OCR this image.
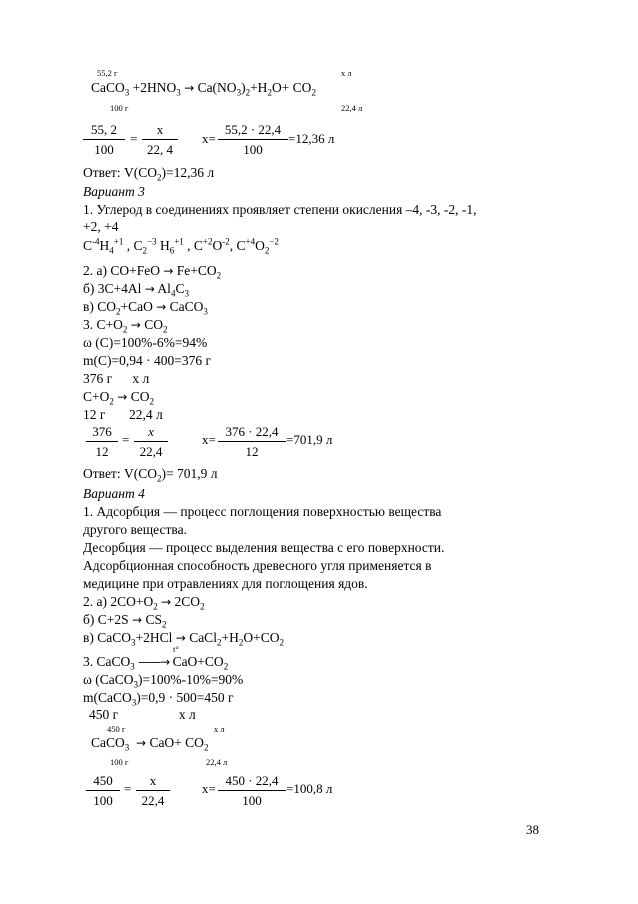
55,2 г	х л
CaCO$_3$ $+2HNO_3 \to Ca(NO_3)_2+H_2O+ CO_2$
100 г	22,4 л
$\frac{55, 2}{100} = \frac{x}{22, 4} x= \frac{55,2 \cdot 22,4}{100} =12,36$ л
Ответ: $V(CO_2)=12,36$ л
Вариант 3
1. Углерод в соединениях проявляет степени окисления –4, -3, -2, -1,
+2, +4
$C^{-4}H_4^{+1}$ , $C_2^{-3}$ $H_6^{+1}$ , $C^{+2}O^{-2}$, $C^{+4}O_2^{-2}$
2. а) $CO+FeO \to Fe+CO_2$
б) $3C+4Al \to Al_4C_3$
в) $CO_2+CaO$ → CaCO$_3$
3. $C+O_2 \to CO_2$
ω (C)=100%-6%=94%
m(C)=0,94 · 400=376 г
376 г      х л
$C+O_2 \to CO_2$
12 г       22,4 л
$\frac{376}{12} = \frac{x}{22,4}$	$x= \frac{376 \cdot 22,4}{12} =701,9$ л
Ответ: $V(CO_2)= 701,9$ л
Вариант 4
1. Адсорбция — процесс поглощения поверхностью вещества
другого вещества.
Десорбция — процесс выделения вещества с его поверхности.
Адсорбционная способность древесного угля применяется в
медицине при отравлениях для поглощения ядов.
2. а) $2CO+O_2 \to 2CO_2$
б) $C+2S \to CS_2$
в) CaCO$_3$+2HCl → $CaCl_2+H_2O+CO_2$
t°
3. CaCO$_3$ ——→ $CaO+CO_2$
ω (CaCO$_3$)=100%-10%=90%
m(CaCO$_3$)=0,9 · 500=450 г
450 г                  х л
450 г	х л
CaCO$_3$ → $CaO+ CO_2$
100 г	22,4 л
$\frac{450}{100} = \frac{x}{22,4} x= \frac{450 \cdot 22,4}{100} =100,8$ л
38
